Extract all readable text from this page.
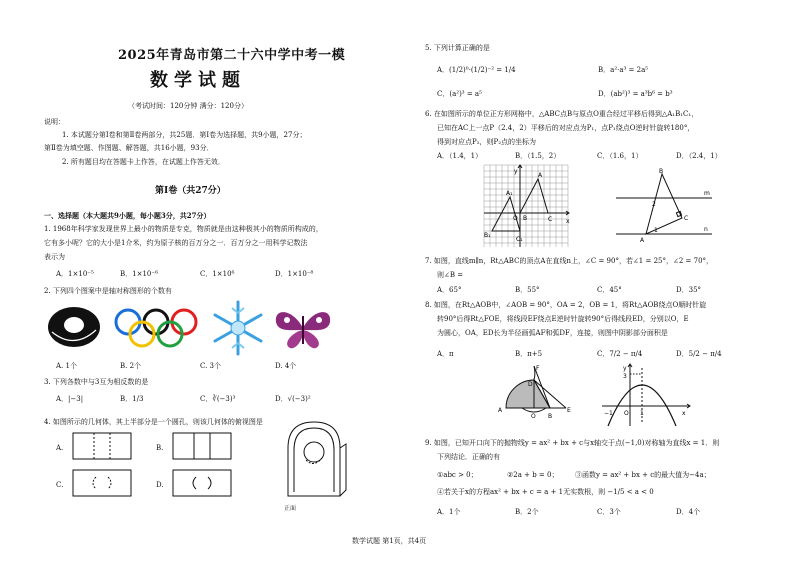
2025年青岛市第二十六中学中考一模
数学试题
（考试时间：120分钟 满分：120分）
说明：
1. 本试题分第Ⅰ卷和第Ⅱ卷两部分，共25题．第Ⅰ卷为选择题，共9小题，27分；
第Ⅱ卷为填空题、作图题、解答题，共16小题，93分．
2. 所有题目均在答题卡上作答，在试题上作答无效．
第Ⅰ卷（共27分）
一、选择题（本大题共9小题，每小题3分，共27分）
1. 1968年科学家发现世界上最小的物质是专克，物质就是由这种极其小的物质所构成的，
它有多小呢？它的大小是1介米，约为原子核的百万分之一．百万分之一用科学记数法
表示为
A．1×10⁻⁵	B．1×10⁻⁶	C．1×10⁶	D．1×10⁻⁸
2. 下列四个图案中是轴对称图形的个数有
A. 1个	B. 2个	C. 3个	D. 4个
3. 下列各数中与3互为相反数的是
A．|−3|	B．1/3	C．∛(−3)³	D．√(−3)²
4. 如图所示的几何体，其上半部分是一个圆孔，则该几何体的俯视图是
A.	B.
C.	D.
正面
5. 下列计算正确的是
A．(1/2)⁰·(1/2)⁻² = 1/4	B．a²·a³ = 2a⁵
C．(a²)³ = a⁵	D．(ab²)³ = a³b⁶ = b³
6. 在如图所示的单位正方形网格中，△ABC点B与原点O重合经过平移后得到△A₁B₁C₁，
已知在AC上一点P（2.4，2）平移后的对应点为P₁，点P₁绕点O逆时针旋转180°，
得到对应点P₂，则P₂点的坐标为
A．（1.4，1）	B．（1.5，2）	C．（1.6，1）	D．（2.4，1）
y
x
A
O B	C
A₁
B₁
C₁
B
m
2
1
C
A
n
7. 如图，直线m∥n，Rt△ABC的顶点A在直线n上，∠C = 90°，若∠1 = 25°，∠2 = 70°，
则∠B =
A．65°	B．55°	C．45°	D．35°
8. 如图，在Rt△AOB中，∠AOB = 90°，OA = 2，OB = 1，将Rt△AOB绕点O顺时针旋
转90°后得Rt△FOE，将线段EF绕点E逆时针旋转90°后得线段ED，分别以O，E
为圆心，OA，ED长为半径画弧AF和弧DF，连接，则图中阴影部分面积是
A．π	B．π+5	C．7/2 − π/4	D．5/2 − π/4
F
D
A
O B
E
y
3
−1 O 1	x
9. 如图，已知开口向下的抛物线y = ax² + bx + c与x轴交于点(−1,0)对称轴为直线x = 1．则
下列结论．正确的有
①abc > 0；	②2a + b = 0； ③函数y = ax² + bx + c的最大值为−4a；
④若关于x的方程ax² + bx + c = a + 1无实数根，则 −1/5 < a < 0
A．1个	B．2个	C．3个	D．4个
数学试题 第1页，共4页
